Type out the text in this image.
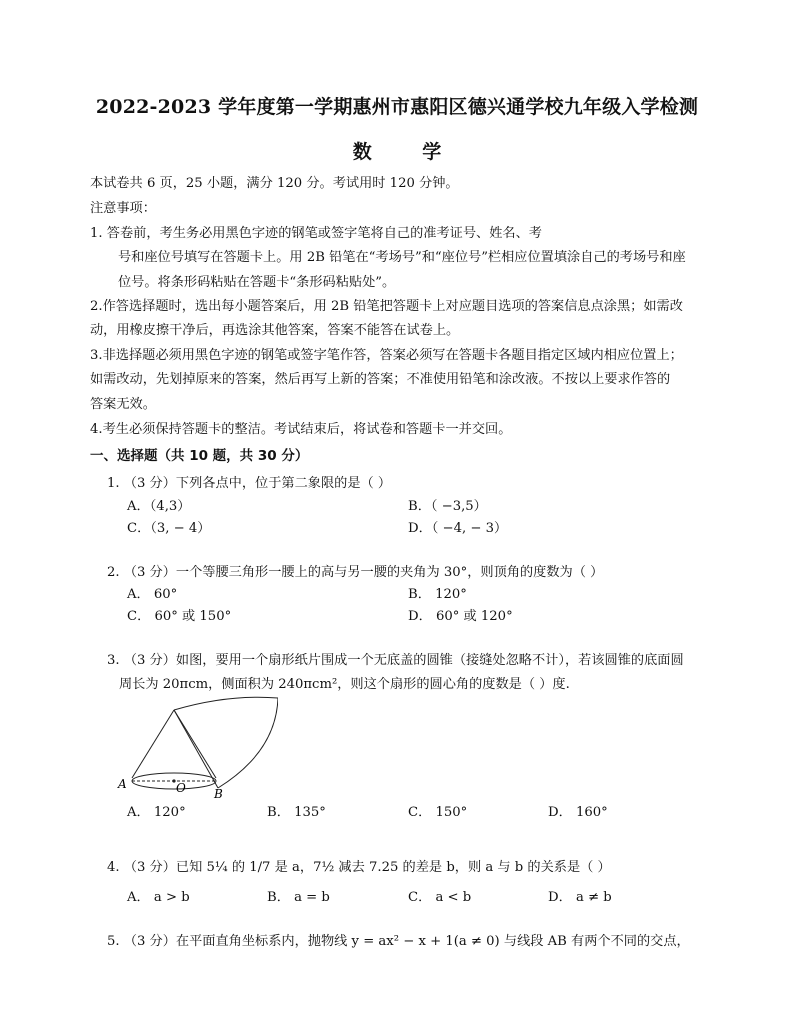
2022-2023 学年度第一学期惠州市惠阳区德兴通学校九年级入学检测
数 学
本试卷共 6 页，25 小题，满分 120 分。考试用时 120 分钟。
注意事项：
1. 答卷前，考生务必用黑色字迹的钢笔或签字笔将自己的准考证号、姓名、考
号和座位号填写在答题卡上。用 2B 铅笔在“考场号”和“座位号”栏相应位置填涂自己的考场号和座
位号。将条形码粘贴在答题卡“条形码粘贴处”。
2.作答选择题时，选出每小题答案后，用 2B 铅笔把答题卡上对应题目选项的答案信息点涂黑；如需改
动，用橡皮擦干净后，再选涂其他答案，答案不能答在试卷上。
3.非选择题必须用黑色字迹的钢笔或签字笔作答，答案必须写在答题卡各题目指定区域内相应位置上；
如需改动，先划掉原来的答案，然后再写上新的答案；不准使用铅笔和涂改液。不按以上要求作答的
答案无效。
4.考生必须保持答题卡的整洁。考试结束后，将试卷和答题卡一并交回。
一、选择题（共 10 题，共 30 分）
1. （3 分）下列各点中，位于第二象限的是（ ）
A．（4,3）	B．（ −3,5）
C．（3, − 4）	D．（ −4, − 3）
2. （3 分）一个等腰三角形一腰上的高与另一腰的夹角为 30°，则顶角的度数为（ ）
A． 60°	B． 120°
C． 60° 或 150°	D． 60° 或 120°
3. （3 分）如图，要用一个扇形纸片围成一个无底盖的圆锥（接缝处忽略不计），若该圆锥的底面圆
周长为 20πcm，侧面积为 240πcm²，则这个扇形的圆心角的度数是（ ）度.
A	O B
A． 120°	B． 135°	C． 150°	D． 160°
4. （3 分）已知 5¼ 的 1/7 是 a，7½ 减去 7.25 的差是 b，则 a 与 b 的关系是（ ）
A． a > b	B． a = b	C． a < b	D． a ≠ b
5. （3 分）在平面直角坐标系内，抛物线 y = ax² − x + 1(a ≠ 0) 与线段 AB 有两个不同的交点，
